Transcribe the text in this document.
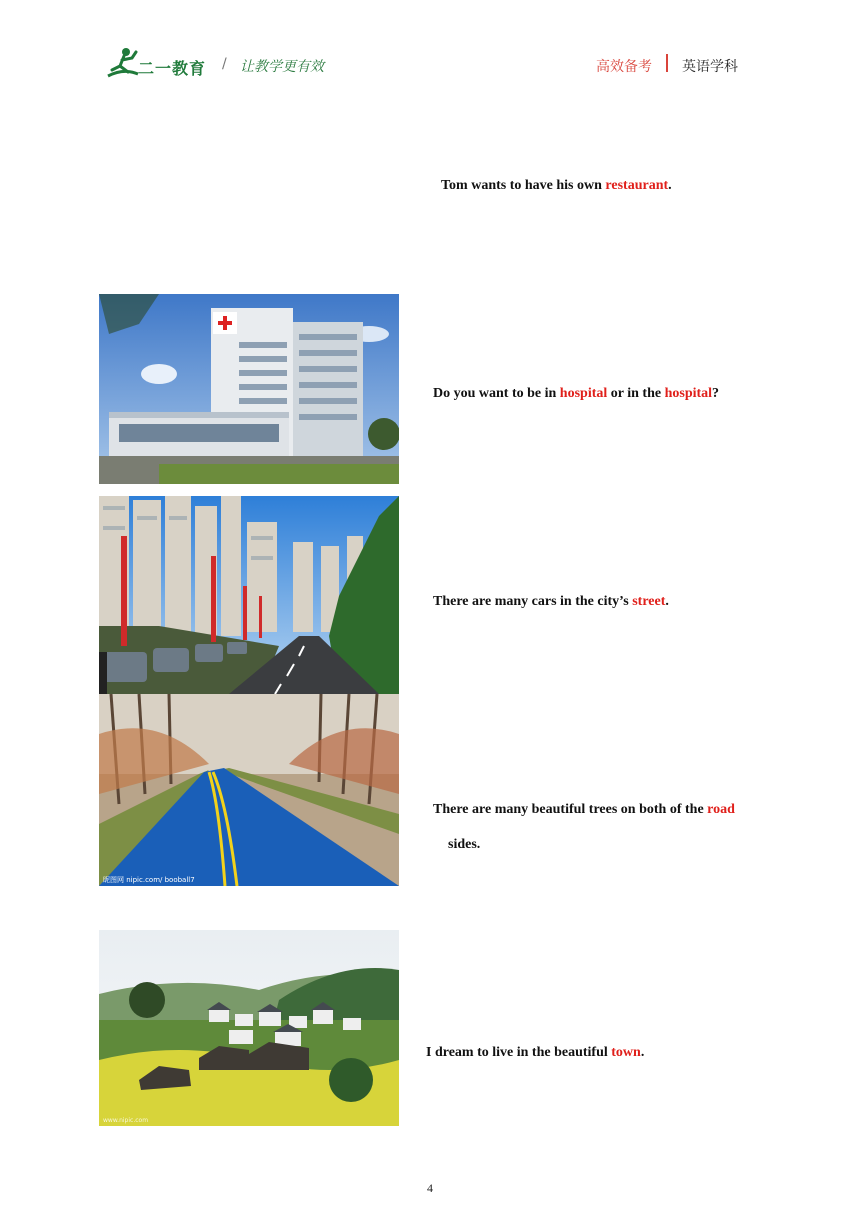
二一教育 / 让教学更有效	高效备考 英语学科
Tom wants to have his own restaurant.
Do you want to be in hospital or in the hospital?
There are many cars in the city’s street.
昵图网 nipic.com/ booball7
There are many beautiful trees on both of the road
sides.
www.nipic.com
I dream to live in the beautiful town.
4
